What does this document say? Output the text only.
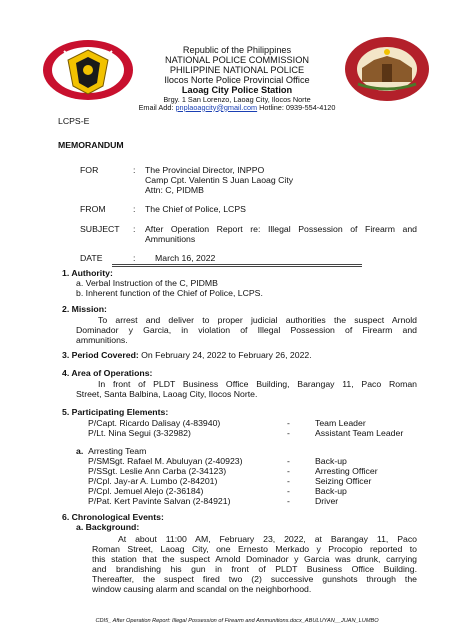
Republic of the Philippines
NATIONAL POLICE COMMISSION
PHILIPPINE NATIONAL POLICE
Ilocos Norte Police Provincial Office
Laoag City Police Station
Brgy. 1 San Lorenzo, Laoag City, Ilocos Norte
Email Add: pnplaoagcity@gmail.com Hotline: 0939-554-4120
LCPS-E
MEMORANDUM
FOR	: The Provincial Director, INPPO
Camp Cpt. Valentin S Juan Laoag City
Attn: C, PIDMB
FROM	: The Chief of Police, LCPS
SUBJECT : After Operation Report re: Illegal Possession of Firearm and
Ammunitions
DATE	: March 16, 2022
1. Authority:
a. Verbal Instruction of the C, PIDMB
b. Inherent function of the Chief of Police, LCPS.
2. Mission:
To arrest and deliver to proper judicial authorities the suspect Arnold
Dominador y Garcia, in violation of Illegal Possession of Firearm and
ammunitions.
3. Period Covered: On February 24, 2022 to February 26, 2022.
4. Area of Operations:
In front of PLDT Business Office Building, Barangay 11, Paco Roman
Street, Santa Balbina, Laoag City, Ilocos Norte.
5. Participating Elements:
P/Capt. Ricardo Dalisay (4-83940)	-	Team Leader
P/Lt. Nina Segui (3-32982)	-	Assistant Team Leader
a.  Arresting Team
P/SMSgt. Rafael M. Abuluyan (2-40923)	-	Back-up
P/SSgt. Leslie Ann Carba (2-34123)	-	Arresting Officer
P/Cpl. Jay-ar A. Lumbo (2-84201)	-	Seizing Officer
P/Cpl. Jemuel Alejo (2-36184)	-	Back-up
P/Pat. Kert Pavinte Salvan (2-84921)	-	Driver
6. Chronological Events:
a. Background:
At about 11:00 AM, February 23, 2022, at Barangay 11, Paco
Roman Street, Laoag City, one Ernesto Merkado y Procopio reported to
this station that the suspect Arnold Dominador y Garcia was drunk, carrying
and brandishing his gun in front of PLDT Business Office Building.
Thereafter, the suspect fired two (2) successive gunshots through the
window causing alarm and scandal on the neighborhood.
CDI5_ After Operation Report: Illegal Possession of Firearm and Ammunitions.docx_ABULUYAN__JUAN_LUMBO
